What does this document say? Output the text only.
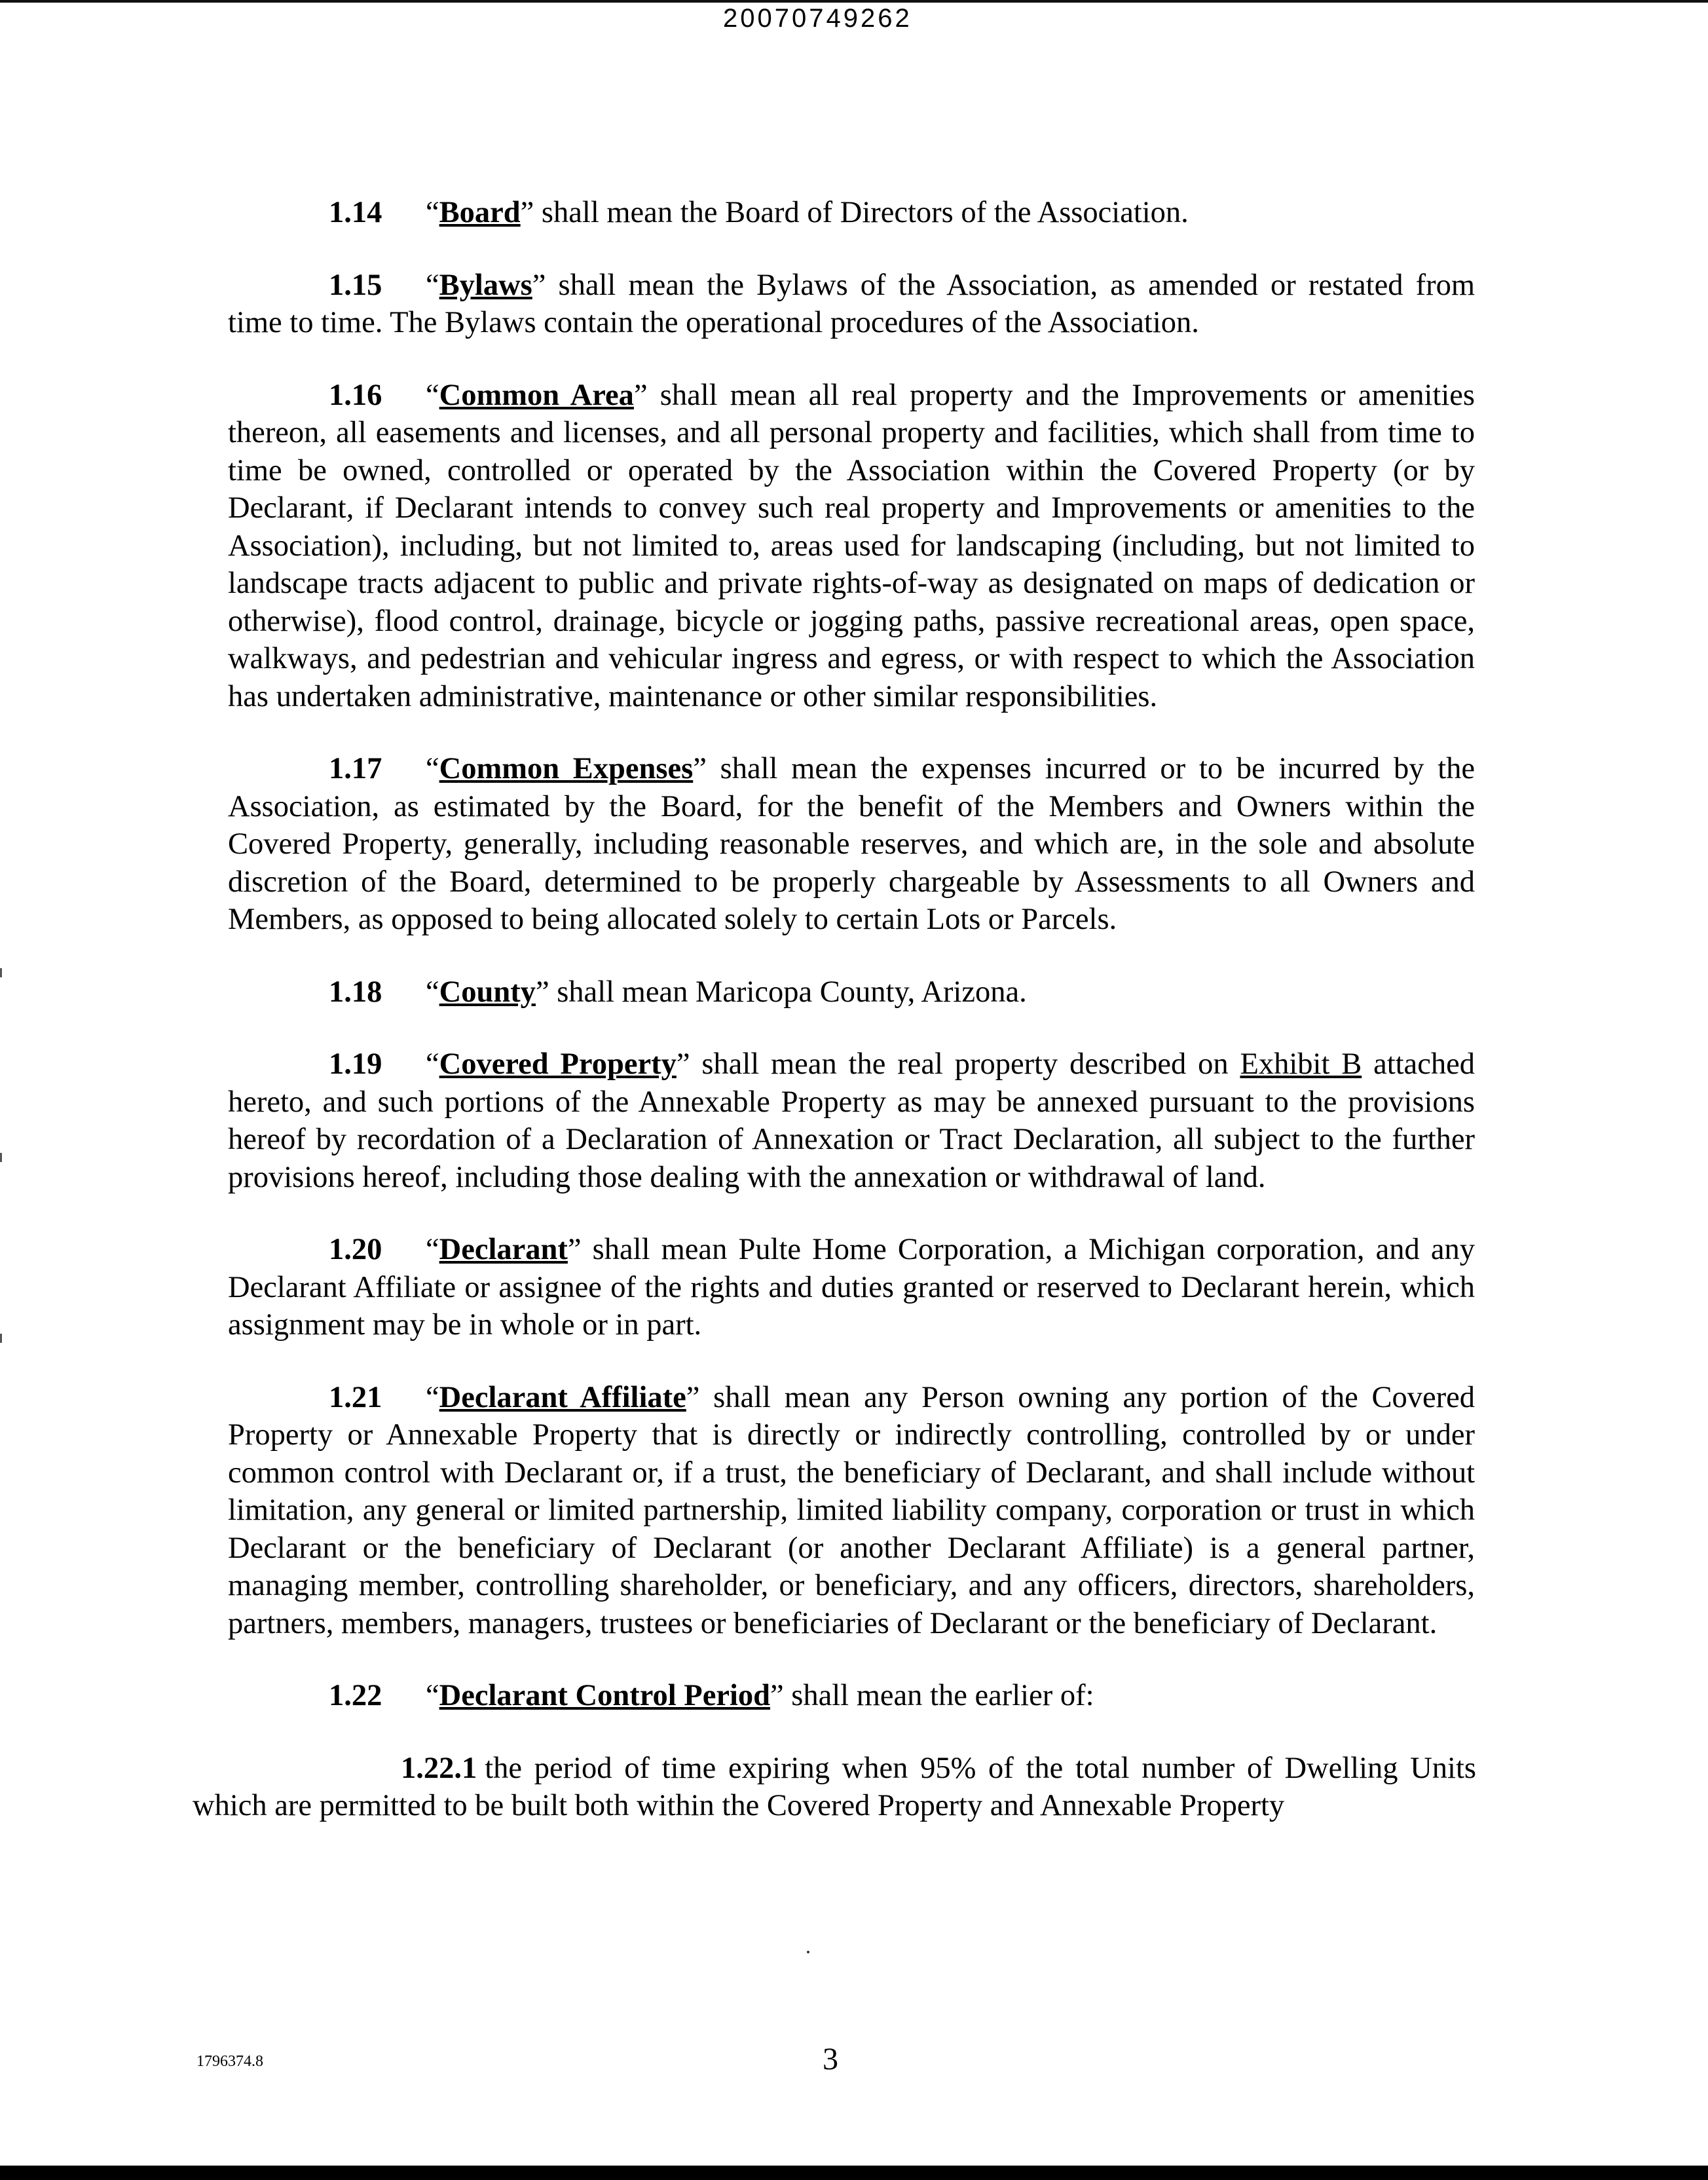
20070749262

1.14 “Board” shall mean the Board of Directors of the Association.

1.15 “Bylaws” shall mean the Bylaws of the Association, as amended or restated from time to time. The Bylaws contain the operational procedures of the Association.

1.16 “Common Area” shall mean all real property and the Improvements or amenities thereon, all easements and licenses, and all personal property and facilities, which shall from time to time be owned, controlled or operated by the Association within the Covered Property (or by Declarant, if Declarant intends to convey such real property and Improvements or amenities to the Association), including, but not limited to, areas used for landscaping (including, but not limited to landscape tracts adjacent to public and private rights-of-way as designated on maps of dedication or otherwise), flood control, drainage, bicycle or jogging paths, passive recreational areas, open space, walkways, and pedestrian and vehicular ingress and egress, or with respect to which the Association has undertaken administrative, maintenance or other similar responsibilities.

1.17 “Common Expenses” shall mean the expenses incurred or to be incurred by the Association, as estimated by the Board, for the benefit of the Members and Owners within the Covered Property, generally, including reasonable reserves, and which are, in the sole and absolute discretion of the Board, determined to be properly chargeable by Assessments to all Owners and Members, as opposed to being allocated solely to certain Lots or Parcels.

1.18 “County” shall mean Maricopa County, Arizona.

1.19 “Covered Property” shall mean the real property described on Exhibit B attached hereto, and such portions of the Annexable Property as may be annexed pursuant to the provisions hereof by recordation of a Declaration of Annexation or Tract Declaration, all subject to the further provisions hereof, including those dealing with the annexation or withdrawal of land.

1.20 “Declarant” shall mean Pulte Home Corporation, a Michigan corporation, and any Declarant Affiliate or assignee of the rights and duties granted or reserved to Declarant herein, which assignment may be in whole or in part.

1.21 “Declarant Affiliate” shall mean any Person owning any portion of the Covered Property or Annexable Property that is directly or indirectly controlling, controlled by or under common control with Declarant or, if a trust, the beneficiary of Declarant, and shall include without limitation, any general or limited partnership, limited liability company, corporation or trust in which Declarant or the beneficiary of Declarant (or another Declarant Affiliate) is a general partner, managing member, controlling shareholder, or beneficiary, and any officers, directors, shareholders, partners, members, managers, trustees or beneficiaries of Declarant or the beneficiary of Declarant.

1.22 “Declarant Control Period” shall mean the earlier of:

1.22.1 the period of time expiring when 95% of the total number of Dwelling Units which are permitted to be built both within the Covered Property and Annexable Property

1796374.8	3
